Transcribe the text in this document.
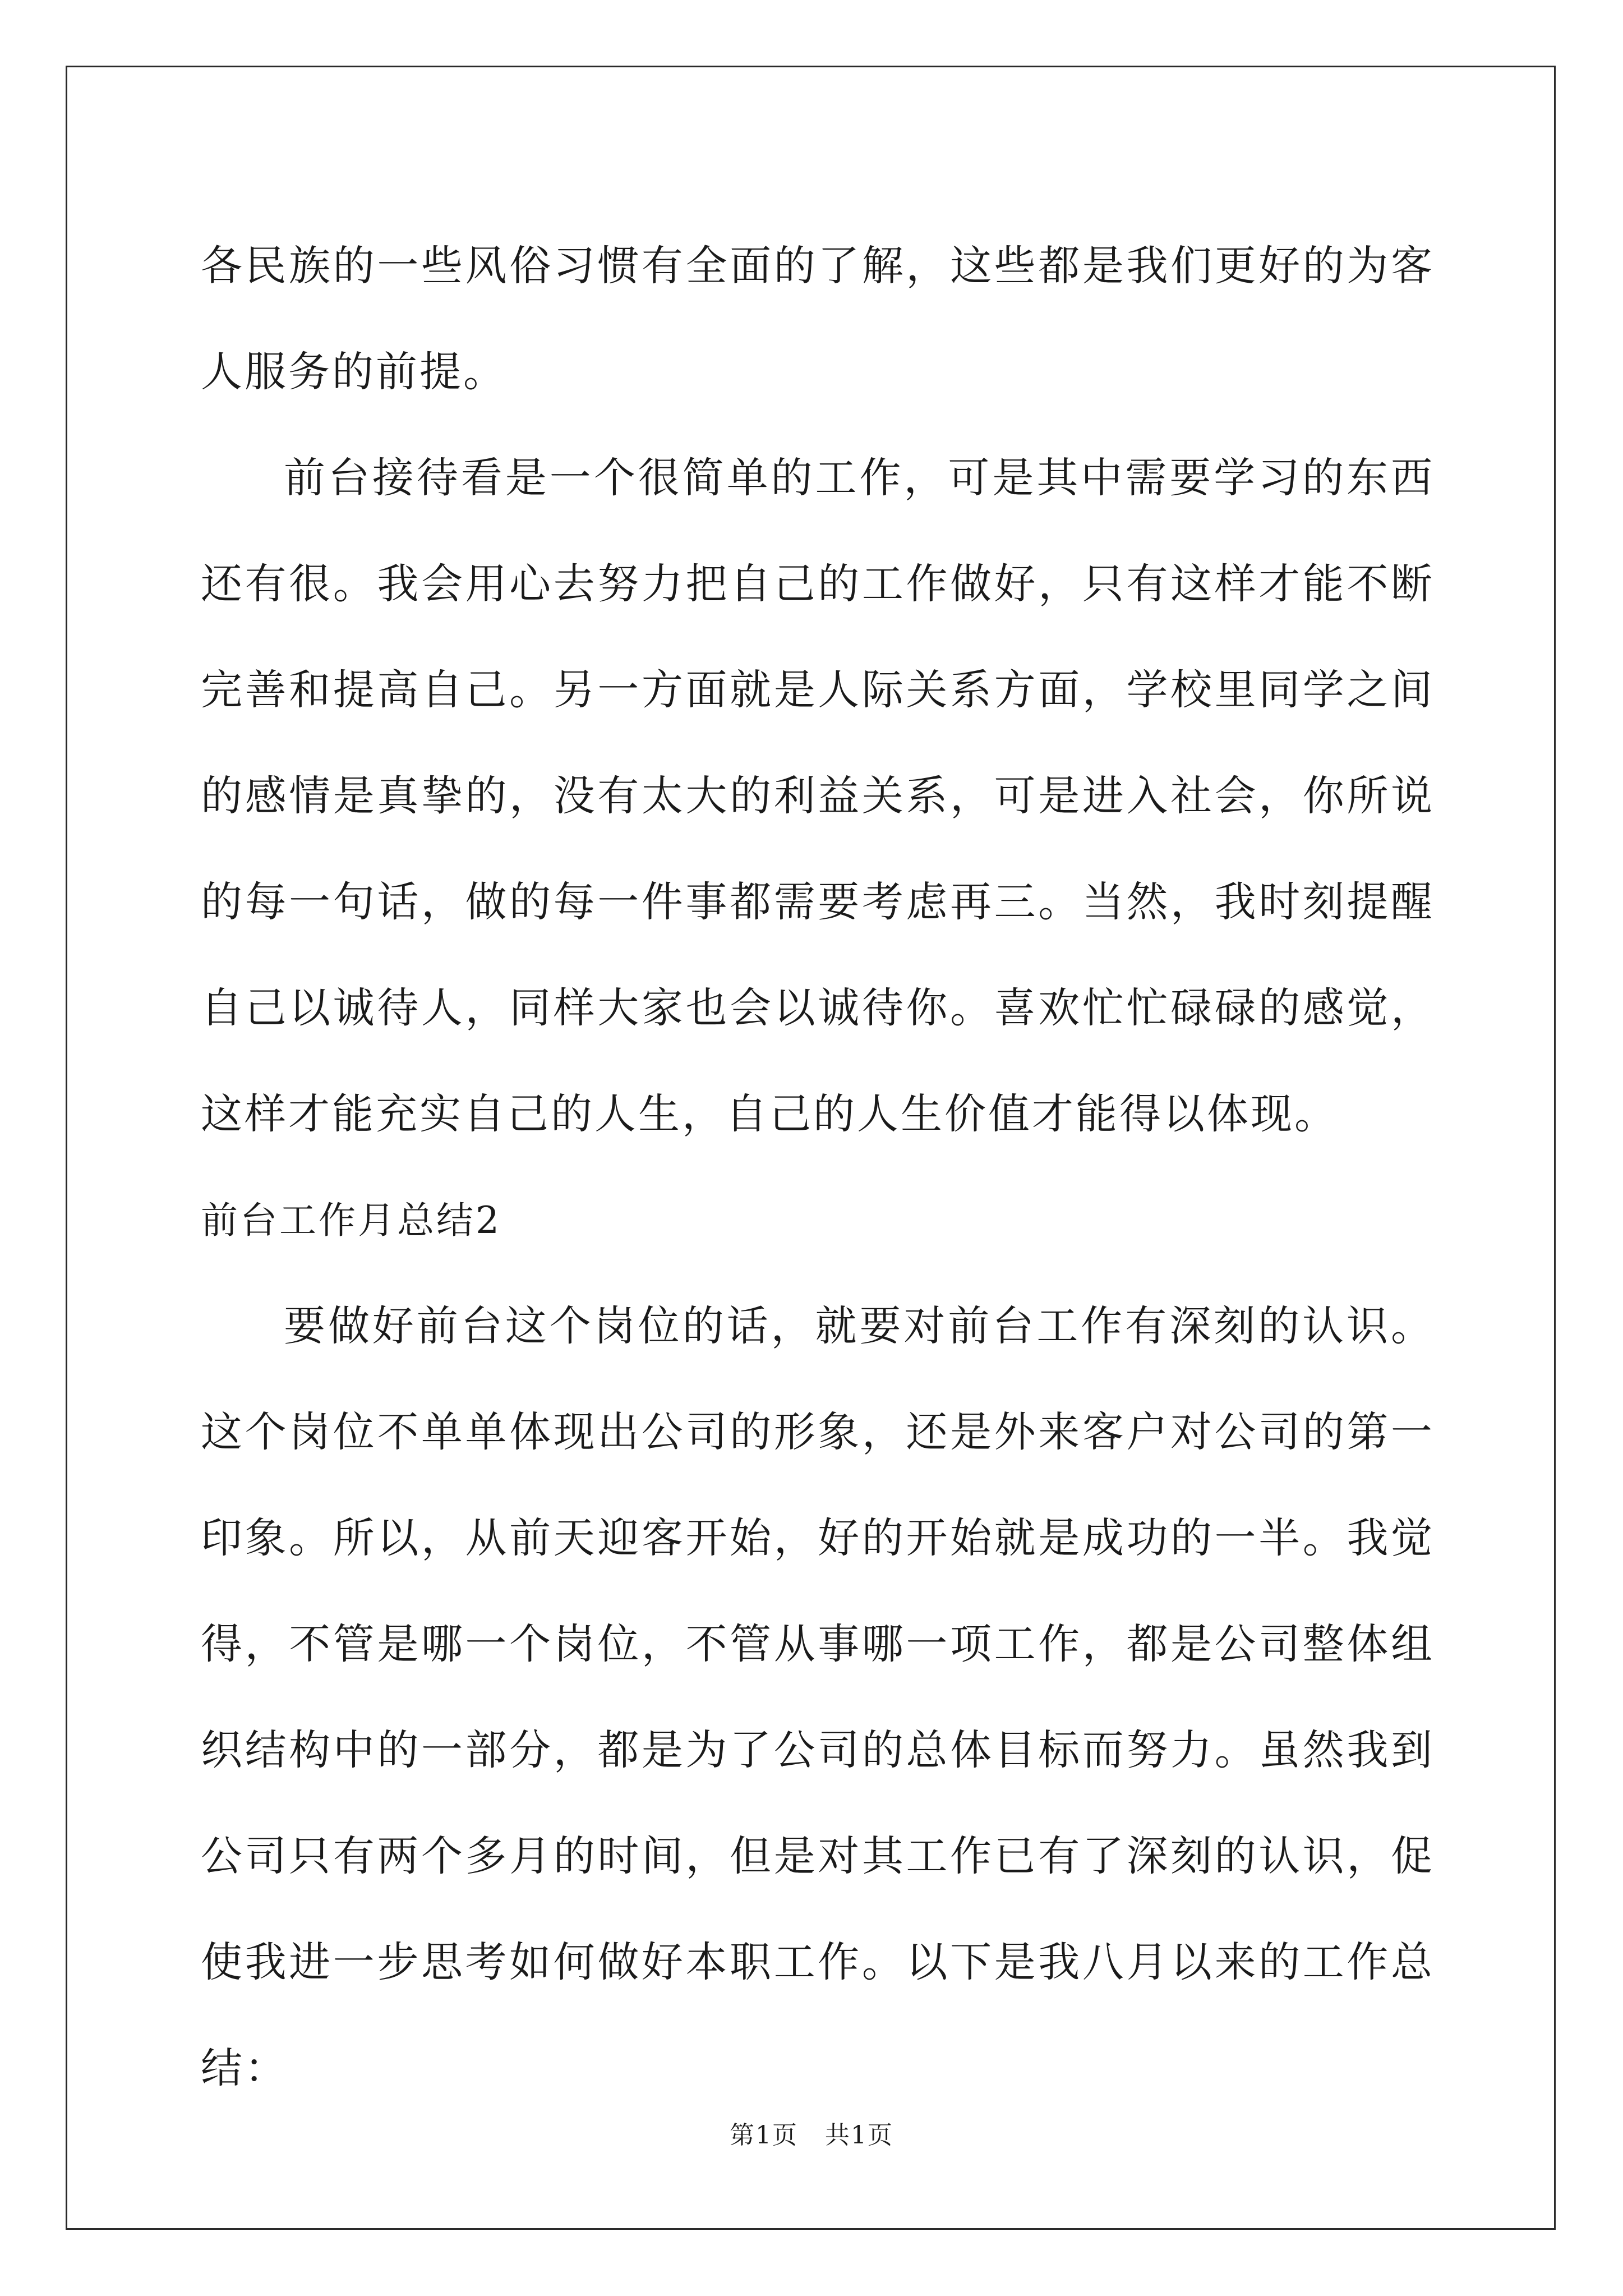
各民族的一些风俗习惯有全面的了解，这些都是我们更好的为客人服务的前提。

前台接待看是一个很简单的工作，可是其中需要学习的东西还有很。我会用心去努力把自己的工作做好，只有这样才能不断完善和提高自己。另一方面就是人际关系方面，学校里同学之间的感情是真挚的，没有太大的利益关系，可是进入社会，你所说的每一句话，做的每一件事都需要考虑再三。当然，我时刻提醒自己以诚待人，同样大家也会以诚待你。喜欢忙忙碌碌的感觉，这样才能充实自己的人生，自己的人生价值才能得以体现。

前台工作月总结2

要做好前台这个岗位的话，就要对前台工作有深刻的认识。这个岗位不单单体现出公司的形象，还是外来客户对公司的第一印象。所以，从前天迎客开始，好的开始就是成功的一半。我觉得，不管是哪一个岗位，不管从事哪一项工作，都是公司整体组织结构中的一部分，都是为了公司的总体目标而努力。虽然我到公司只有两个多月的时间，但是对其工作已有了深刻的认识，促使我进一步思考如何做好本职工作。以下是我八月以来的工作总结：

第1页   共1页
